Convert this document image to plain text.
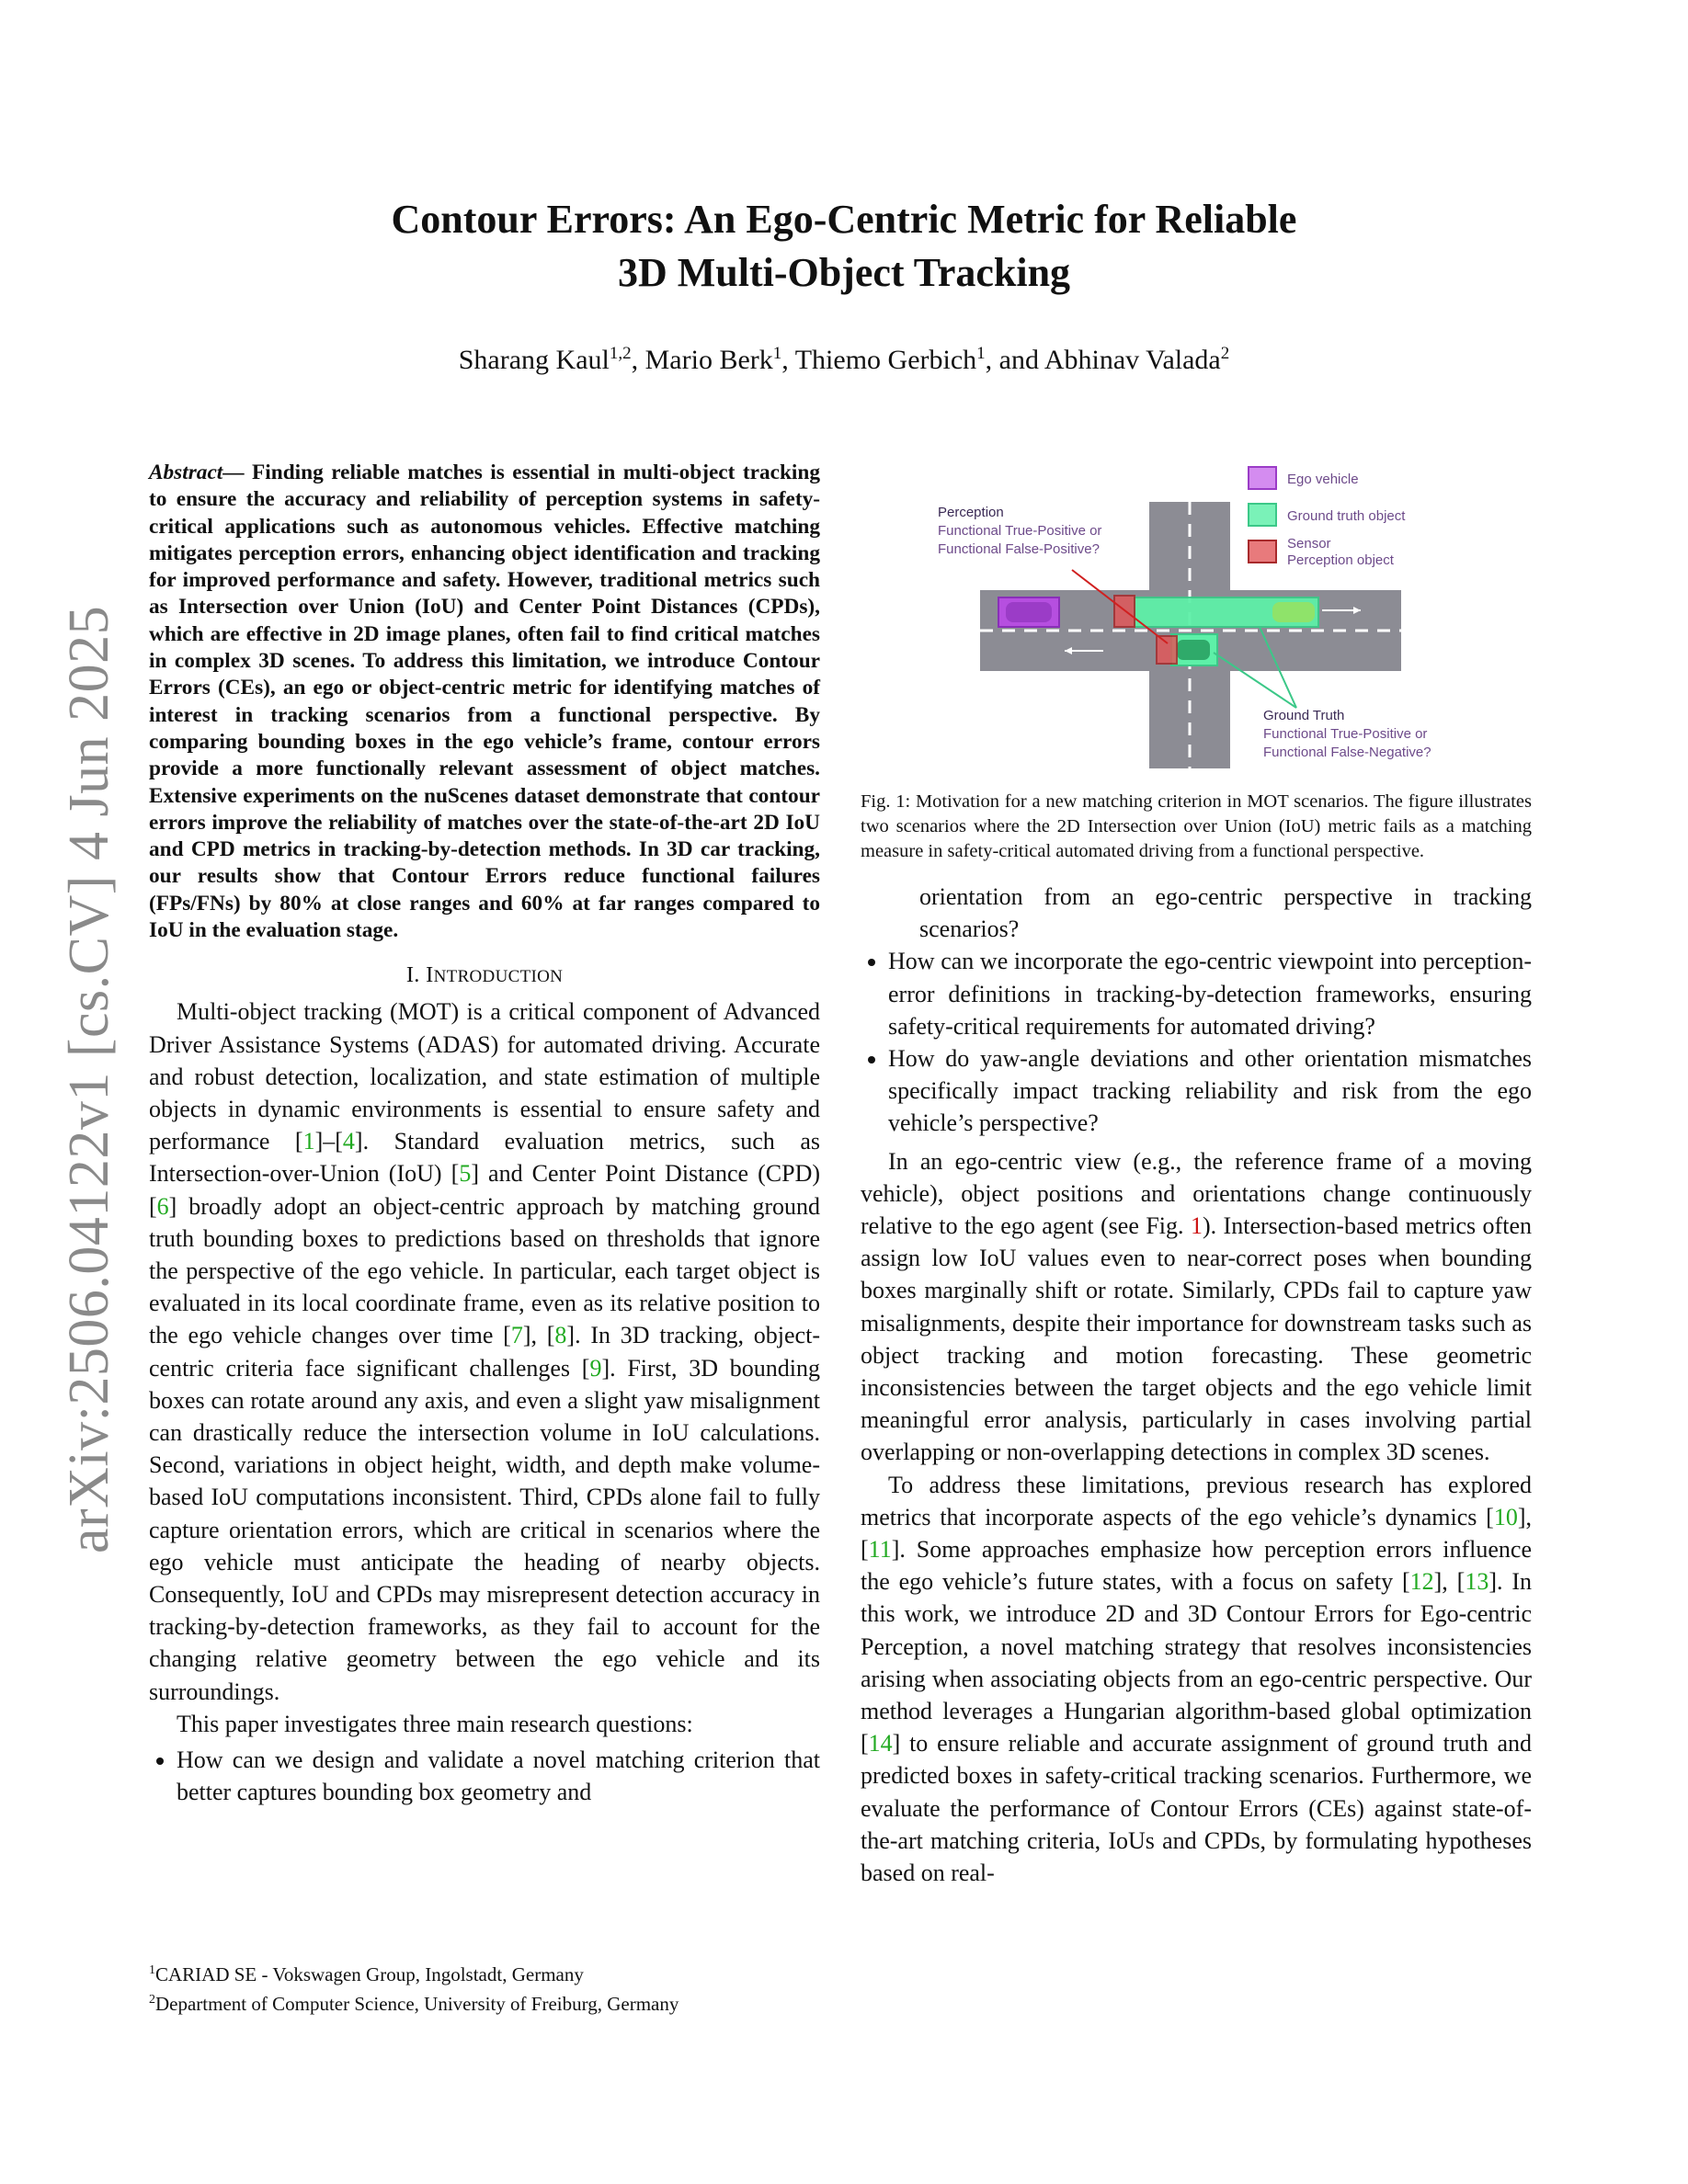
Contour Errors: An Ego-Centric Metric for Reliable
3D Multi-Object Tracking
Sharang Kaul$^{1,2}$, Mario Berk$^1$, Thiemo Gerbich$^1$, and Abhinav Valada$^2$
arXiv:2506.04122v1 [cs.CV] 4 Jun 2025

Abstract— Finding reliable matches is essential in multi-object tracking to ensure the accuracy and reliability of perception systems in safety-critical applications such as autonomous vehicles. Effective matching mitigates perception errors, enhancing object identification and tracking for improved performance and safety. However, traditional metrics such as Intersection over Union (IoU) and Center Point Distances (CPDs), which are effective in 2D image planes, often fail to find critical matches in complex 3D scenes. To address this limitation, we introduce Contour Errors (CEs), an ego or object-centric metric for identifying matches of interest in tracking scenarios from a functional perspective. By comparing bounding boxes in the ego vehicle’s frame, contour errors provide a more functionally relevant assessment of object matches. Extensive experiments on the nuScenes dataset demonstrate that contour errors improve the reliability of matches over the state-of-the-art 2D IoU and CPD metrics in tracking-by-detection methods. In 3D car tracking, our results show that Contour Errors reduce functional failures (FPs/FNs) by 80% at close ranges and 60% at far ranges compared to IoU in the evaluation stage.

I. INTRODUCTION

Multi-object tracking (MOT) is a critical component of Advanced Driver Assistance Systems (ADAS) for automated driving. Accurate and robust detection, localization, and state estimation of multiple objects in dynamic environments is essential to ensure safety and performance [1]–[4]. Standard evaluation metrics, such as Intersection-over-Union (IoU) [5] and Center Point Distance (CPD) [6] broadly adopt an object-centric approach by matching ground truth bounding boxes to predictions based on thresholds that ignore the perspective of the ego vehicle. In particular, each target object is evaluated in its local coordinate frame, even as its relative position to the ego vehicle changes over time [7], [8]. In 3D tracking, object-centric criteria face significant challenges [9]. First, 3D bounding boxes can rotate around any axis, and even a slight yaw misalignment can drastically reduce the intersection volume in IoU calculations. Second, variations in object height, width, and depth make volume-based IoU computations inconsistent. Third, CPDs alone fail to fully capture orientation errors, which are critical in scenarios where the ego vehicle must anticipate the heading of nearby objects. Consequently, IoU and CPDs may misrepresent detection accuracy in tracking-by-detection frameworks, as they fail to account for the changing relative geometry between the ego vehicle and its surroundings.

This paper investigates three main research questions:

• How can we design and validate a novel matching criterion that better captures bounding box geometry and
$^1$CARIAD SE - Vokswagen Group, Ingolstadt, Germany
$^2$Department of Computer Science, University of Freiburg, Germany
Ego vehicle
Ground truth object
Sensor
Perception object
Perception
Functional True-Positive or
Functional False-Positive?
Ground Truth
Functional True-Positive or
Functional False-Negative?

Fig. 1: Motivation for a new matching criterion in MOT scenarios. The figure illustrates two scenarios where the 2D Intersection over Union (IoU) metric fails as a matching measure in safety-critical automated driving from a functional perspective.

orientation from an ego-centric perspective in tracking scenarios?

• How can we incorporate the ego-centric viewpoint into perception-error definitions in tracking-by-detection frameworks, ensuring safety-critical requirements for automated driving?
• How do yaw-angle deviations and other orientation mismatches specifically impact tracking reliability and risk from the ego vehicle’s perspective?

In an ego-centric view (e.g., the reference frame of a moving vehicle), object positions and orientations change continuously relative to the ego agent (see Fig. 1). Intersection-based metrics often assign low IoU values even to near-correct poses when bounding boxes marginally shift or rotate. Similarly, CPDs fail to capture yaw misalignments, despite their importance for downstream tasks such as object tracking and motion forecasting. These geometric inconsistencies between the target objects and the ego vehicle limit meaningful error analysis, particularly in cases involving partial overlapping or non-overlapping detections in complex 3D scenes.

To address these limitations, previous research has explored metrics that incorporate aspects of the ego vehicle’s dynamics [10], [11]. Some approaches emphasize how perception errors influence the ego vehicle’s future states, with a focus on safety [12], [13]. In this work, we introduce 2D and 3D Contour Errors for Ego-centric Perception, a novel matching strategy that resolves inconsistencies arising when associating objects from an ego-centric perspective. Our method leverages a Hungarian algorithm-based global optimization [14] to ensure reliable and accurate assignment of ground truth and predicted boxes in safety-critical tracking scenarios. Furthermore, we evaluate the performance of Contour Errors (CEs) against state-of-the-art matching criteria, IoUs and CPDs, by formulating hypotheses based on real-
